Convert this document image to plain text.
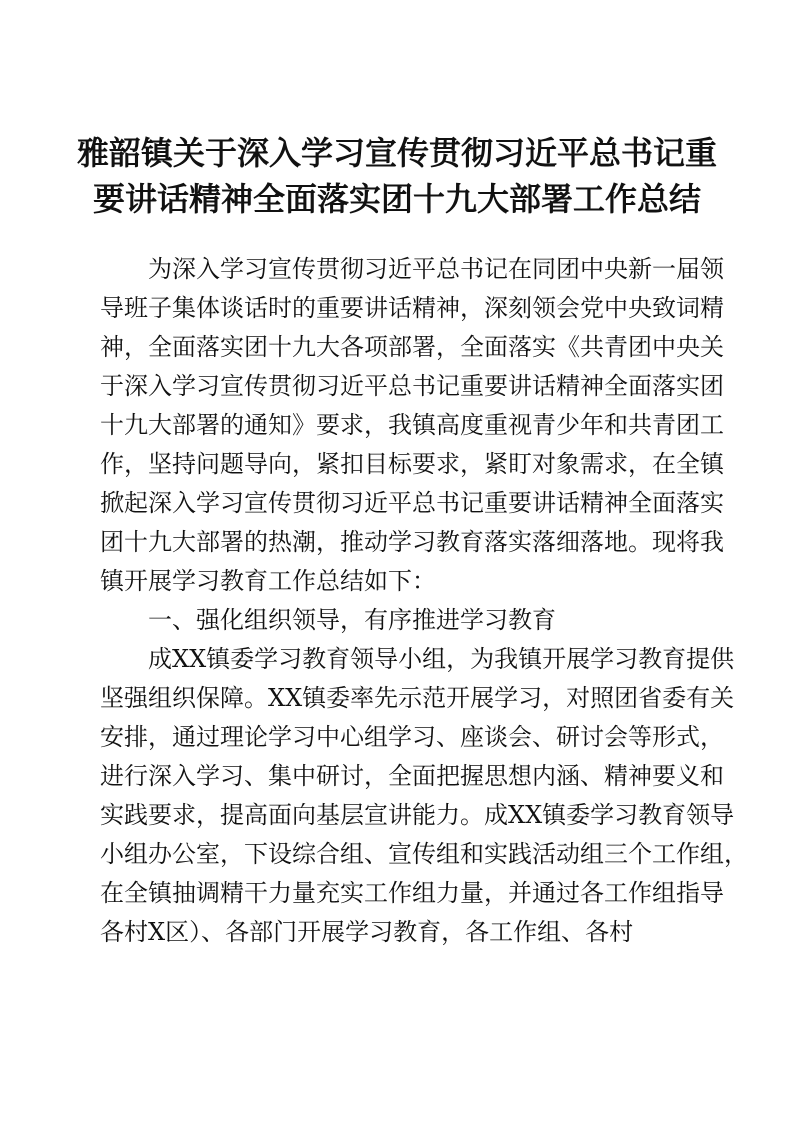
雅韶镇关于深入学习宣传贯彻习近平总书记重
要讲话精神全面落实团十九大部署工作总结
为深入学习宣传贯彻习近平总书记在同团中央新一届领
导班子集体谈话时的重要讲话精神，深刻领会党中央致词精
神，全面落实团十九大各项部署，全面落实《共青团中央关
于深入学习宣传贯彻习近平总书记重要讲话精神全面落实团
十九大部署的通知》要求，我镇高度重视青少年和共青团工
作，坚持问题导向，紧扣目标要求，紧盯对象需求，在全镇
掀起深入学习宣传贯彻习近平总书记重要讲话精神全面落实
团十九大部署的热潮，推动学习教育落实落细落地。现将我
镇开展学习教育工作总结如下：
一、强化组织领导，有序推进学习教育
成XX镇委学习教育领导小组，为我镇开展学习教育提供
坚强组织保障。XX镇委率先示范开展学习，对照团省委有关
安排，通过理论学习中心组学习、座谈会、研讨会等形式，
进行深入学习、集中研讨，全面把握思想内涵、精神要义和
实践要求，提高面向基层宣讲能力。成XX镇委学习教育领导
小组办公室，下设综合组、宣传组和实践活动组三个工作组，
在全镇抽调精干力量充实工作组力量，并通过各工作组指导
各村X区）、各部门开展学习教育，各工作组、各村
